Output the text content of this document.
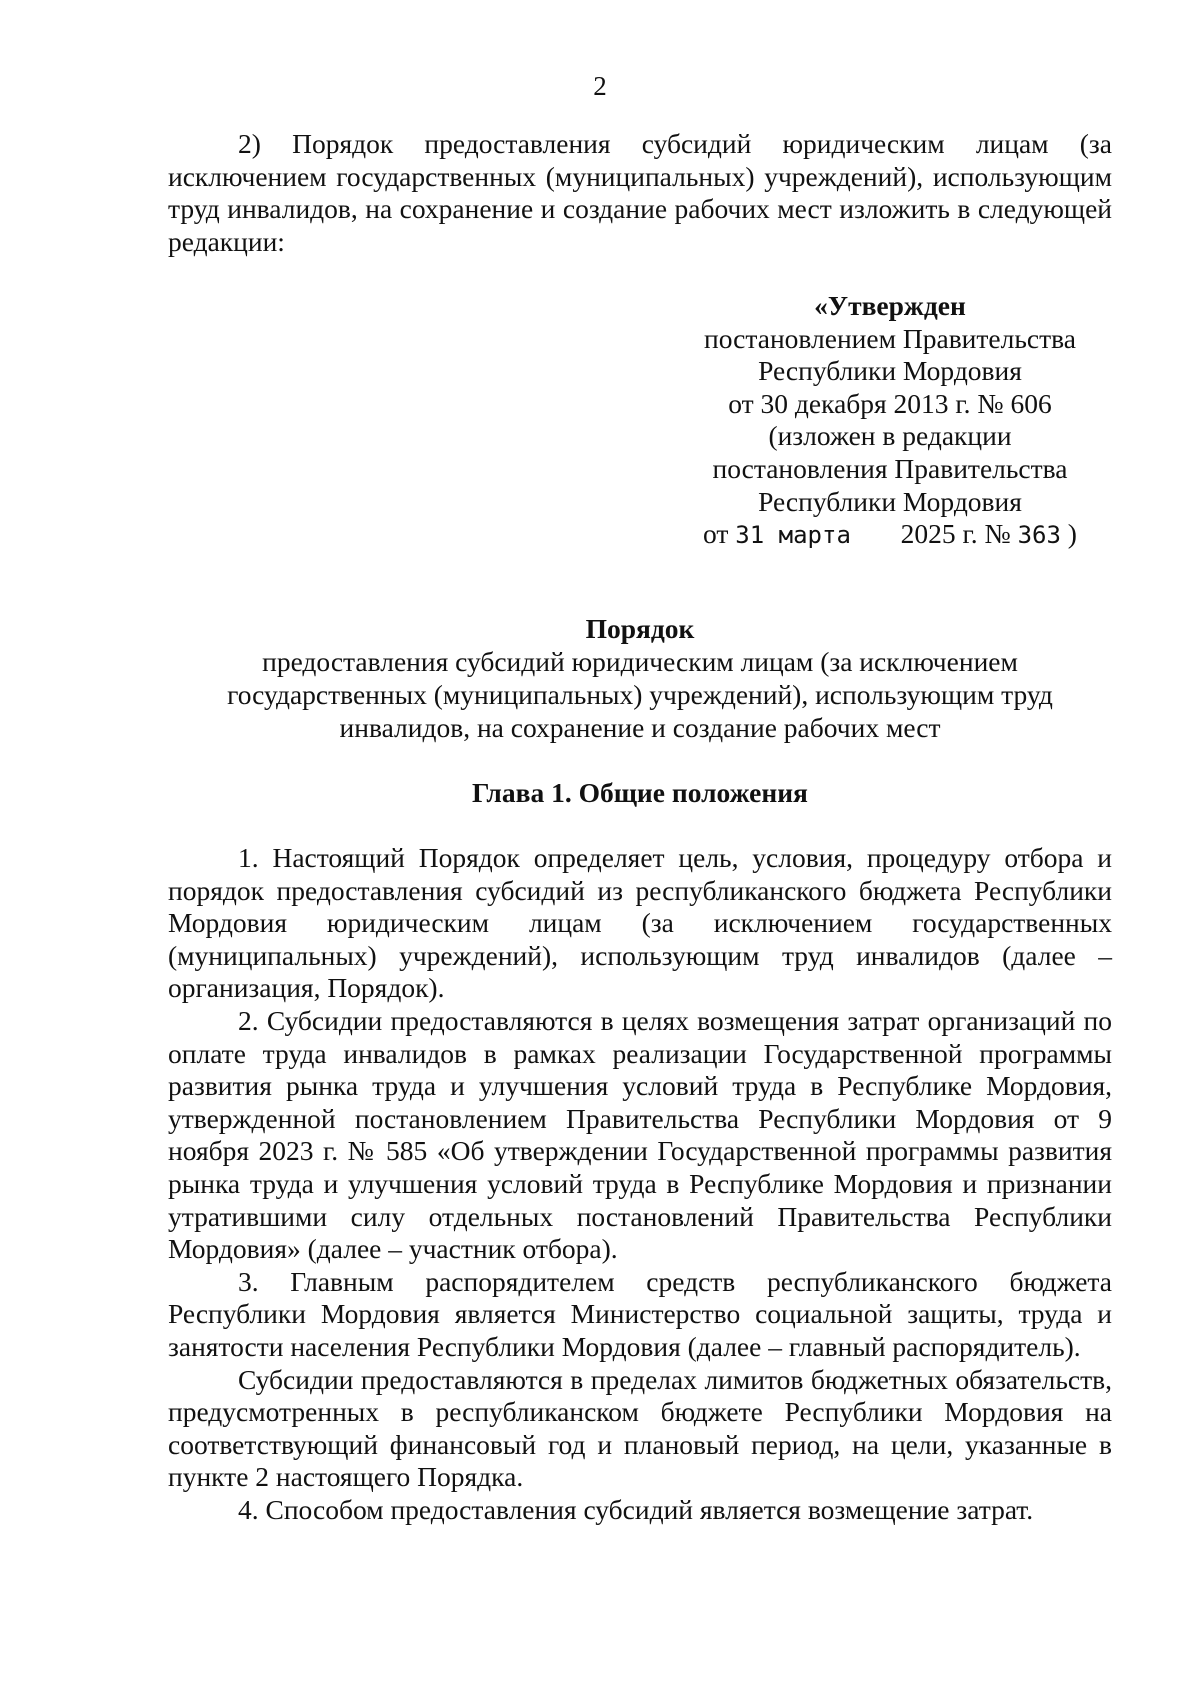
2

2) Порядок предоставления субсидий юридическим лицам (за исключением государственных (муниципальных) учреждений), использующим труд инвалидов, на сохранение и создание рабочих мест изложить в следующей редакции:

«Утвержден
постановлением Правительства
Республики Мордовия
от 30 декабря 2013 г. № 606
(изложен в редакции
постановления Правительства
Республики Мордовия
от 31 марта 2025 г. № 363 )
Порядок
предоставления субсидий юридическим лицам (за исключением государственных (муниципальных) учреждений), использующим труд инвалидов, на сохранение и создание рабочих мест
Глава 1. Общие положения

1. Настоящий Порядок определяет цель, условия, процедуру отбора и порядок предоставления субсидий из республиканского бюджета Республики Мордовия юридическим лицам (за исключением государственных (муниципальных) учреждений), использующим труд инвалидов (далее – организация, Порядок).

2. Субсидии предоставляются в целях возмещения затрат организаций по оплате труда инвалидов в рамках реализации Государственной программы развития рынка труда и улучшения условий труда в Республике Мордовия, утвержденной постановлением Правительства Республики Мордовия от 9 ноября 2023 г. № 585 «Об утверждении Государственной программы развития рынка труда и улучшения условий труда в Республике Мордовия и признании утратившими силу отдельных постановлений Правительства Республики Мордовия» (далее – участник отбора).

3. Главным распорядителем средств республиканского бюджета Республики Мордовия является Министерство социальной защиты, труда и занятости населения Республики Мордовия (далее – главный распорядитель).

Субсидии предоставляются в пределах лимитов бюджетных обязательств, предусмотренных в республиканском бюджете Республики Мордовия на соответствующий финансовый год и плановый период, на цели, указанные в пункте 2 настоящего Порядка.

4. Способом предоставления субсидий является возмещение затрат.
